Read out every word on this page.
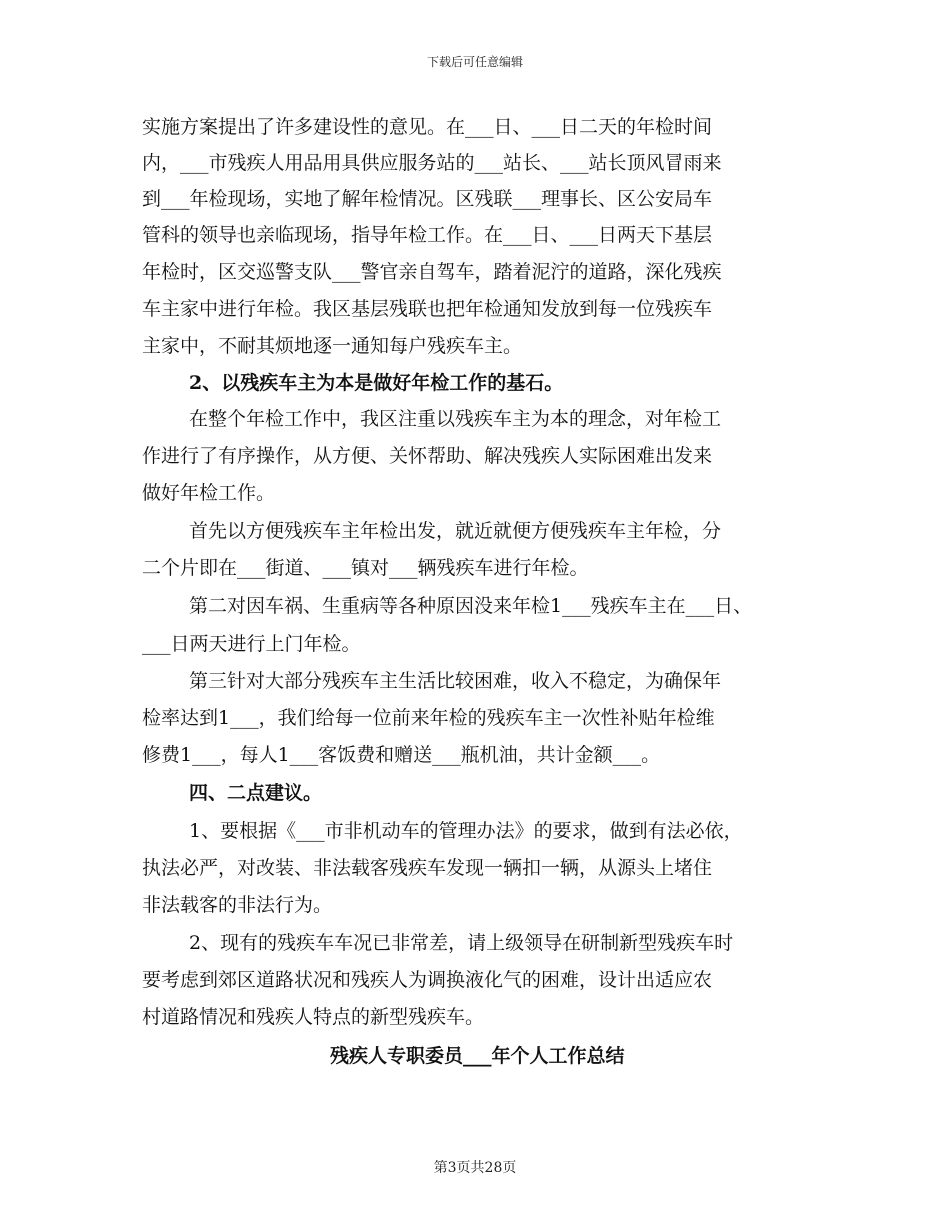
下载后可任意编辑
实施方案提出了许多建设性的意见。在___日、___日二天的年检时间
内，___市残疾人用品用具供应服务站的___站长、___站长顶风冒雨来
到___年检现场，实地了解年检情况。区残联___理事长、区公安局车
管科的领导也亲临现场，指导年检工作。在___日、___日两天下基层
年检时，区交巡警支队___警官亲自驾车，踏着泥泞的道路，深化残疾
车主家中进行年检。我区基层残联也把年检通知发放到每一位残疾车
主家中，不耐其烦地逐一通知每户残疾车主。
2、以残疾车主为本是做好年检工作的基石。
在整个年检工作中，我区注重以残疾车主为本的理念，对年检工
作进行了有序操作，从方便、关怀帮助、解决残疾人实际困难出发来
做好年检工作。
首先以方便残疾车主年检出发，就近就便方便残疾车主年检，分
二个片即在___街道、___镇对___辆残疾车进行年检。
第二对因车祸、生重病等各种原因没来年检1___残疾车主在___日、
___日两天进行上门年检。
第三针对大部分残疾车主生活比较困难，收入不稳定，为确保年
检率达到1___，我们给每一位前来年检的残疾车主一次性补贴年检维
修费1___，每人1___客饭费和赠送___瓶机油，共计金额___。
四、二点建议。
1、要根据《___市非机动车的管理办法》的要求，做到有法必依，
执法必严，对改装、非法载客残疾车发现一辆扣一辆，从源头上堵住
非法载客的非法行为。
2、现有的残疾车车况已非常差，请上级领导在研制新型残疾车时
要考虑到郊区道路状况和残疾人为调换液化气的困难，设计出适应农
村道路情况和残疾人特点的新型残疾车。
残疾人专职委员___年个人工作总结
第3页共28页
